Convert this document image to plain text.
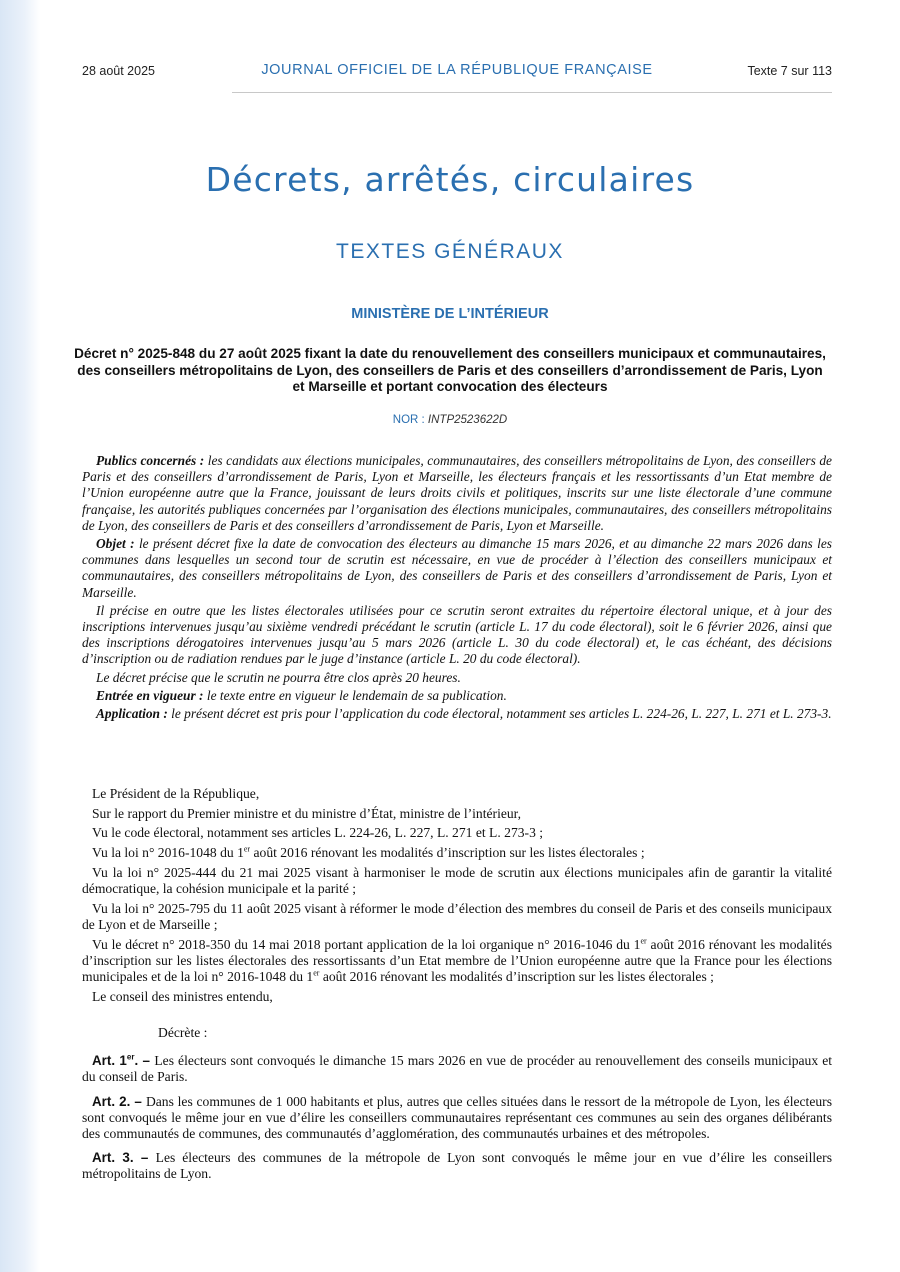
28 août 2025	JOURNAL OFFICIEL DE LA RÉPUBLIQUE FRANÇAISE	Texte 7 sur 113
Décrets, arrêtés, circulaires
TEXTES GÉNÉRAUX
MINISTÈRE DE L’INTÉRIEUR
Décret n° 2025-848 du 27 août 2025 fixant la date du renouvellement des conseillers municipaux et communautaires, des conseillers métropolitains de Lyon, des conseillers de Paris et des conseillers d’arrondissement de Paris, Lyon et Marseille et portant convocation des électeurs
NOR : INTP2523622D

Publics concernés : les candidats aux élections municipales, communautaires, des conseillers métropolitains de Lyon, des conseillers de Paris et des conseillers d’arrondissement de Paris, Lyon et Marseille, les électeurs français et les ressortissants d’un Etat membre de l’Union européenne autre que la France, jouissant de leurs droits civils et politiques, inscrits sur une liste électorale d’une commune française, les autorités publiques concernées par l’organisation des élections municipales, communautaires, des conseillers métropolitains de Lyon, des conseillers de Paris et des conseillers d’arrondissement de Paris, Lyon et Marseille.

Objet : le présent décret fixe la date de convocation des électeurs au dimanche 15 mars 2026, et au dimanche 22 mars 2026 dans les communes dans lesquelles un second tour de scrutin est nécessaire, en vue de procéder à l’élection des conseillers municipaux et communautaires, des conseillers métropolitains de Lyon, des conseillers de Paris et des conseillers d’arrondissement de Paris, Lyon et Marseille.

Il précise en outre que les listes électorales utilisées pour ce scrutin seront extraites du répertoire électoral unique, et à jour des inscriptions intervenues jusqu’au sixième vendredi précédant le scrutin (article L. 17 du code électoral), soit le 6 février 2026, ainsi que des inscriptions dérogatoires intervenues jusqu’au 5 mars 2026 (article L. 30 du code électoral) et, le cas échéant, des décisions d’inscription ou de radiation rendues par le juge d’instance (article L. 20 du code électoral).

Le décret précise que le scrutin ne pourra être clos après 20 heures.

Entrée en vigueur : le texte entre en vigueur le lendemain de sa publication.

Application : le présent décret est pris pour l’application du code électoral, notamment ses articles L. 224-26, L. 227, L. 271 et L. 273-3.

Le Président de la République,

Sur le rapport du Premier ministre et du ministre d’État, ministre de l’intérieur,

Vu le code électoral, notamment ses articles L. 224-26, L. 227, L. 271 et L. 273-3 ;

Vu la loi n° 2016-1048 du 1er août 2016 rénovant les modalités d’inscription sur les listes électorales ;

Vu la loi n° 2025-444 du 21 mai 2025 visant à harmoniser le mode de scrutin aux élections municipales afin de garantir la vitalité démocratique, la cohésion municipale et la parité ;

Vu la loi n° 2025-795 du 11 août 2025 visant à réformer le mode d’élection des membres du conseil de Paris et des conseils municipaux de Lyon et de Marseille ;

Vu le décret n° 2018-350 du 14 mai 2018 portant application de la loi organique n° 2016-1046 du 1er août 2016 rénovant les modalités d’inscription sur les listes électorales des ressortissants d’un Etat membre de l’Union européenne autre que la France pour les élections municipales et de la loi n° 2016-1048 du 1er août 2016 rénovant les modalités d’inscription sur les listes électorales ;

Le conseil des ministres entendu,

Décrète :

Art. 1er. – Les électeurs sont convoqués le dimanche 15 mars 2026 en vue de procéder au renouvellement des conseils municipaux et du conseil de Paris.

Art. 2. – Dans les communes de 1 000 habitants et plus, autres que celles situées dans le ressort de la métropole de Lyon, les électeurs sont convoqués le même jour en vue d’élire les conseillers communautaires représentant ces communes au sein des organes délibérants des communautés de communes, des communautés d’agglomération, des communautés urbaines et des métropoles.

Art. 3. – Les électeurs des communes de la métropole de Lyon sont convoqués le même jour en vue d’élire les conseillers métropolitains de Lyon.
